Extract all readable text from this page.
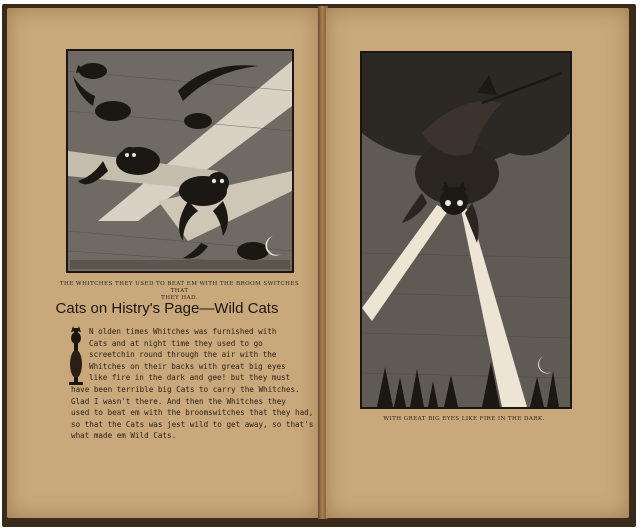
THE WHITCHES THEY USED TO BEAT EM WITH THE BROOM SWITCHES THAT
THEY HAD.
Cats on Histry's Page—Wild Cats
N olden times Whitches was furnished with
Cats and at night time they used to go
screetchin round through the air with the
Whitches on their backs with great big eyes
like fire in the dark and gee! but they must
have been terrible big Cats to carry the Whitches.
Glad I wasn't there. And then the Whitches they
used to beat em with the broomswitches that they had,
so that the Cats was jest wild to get away, so that's
what made em Wild Cats.
WITH GREAT BIG EYES LIKE FIRE IN THE DARK.
